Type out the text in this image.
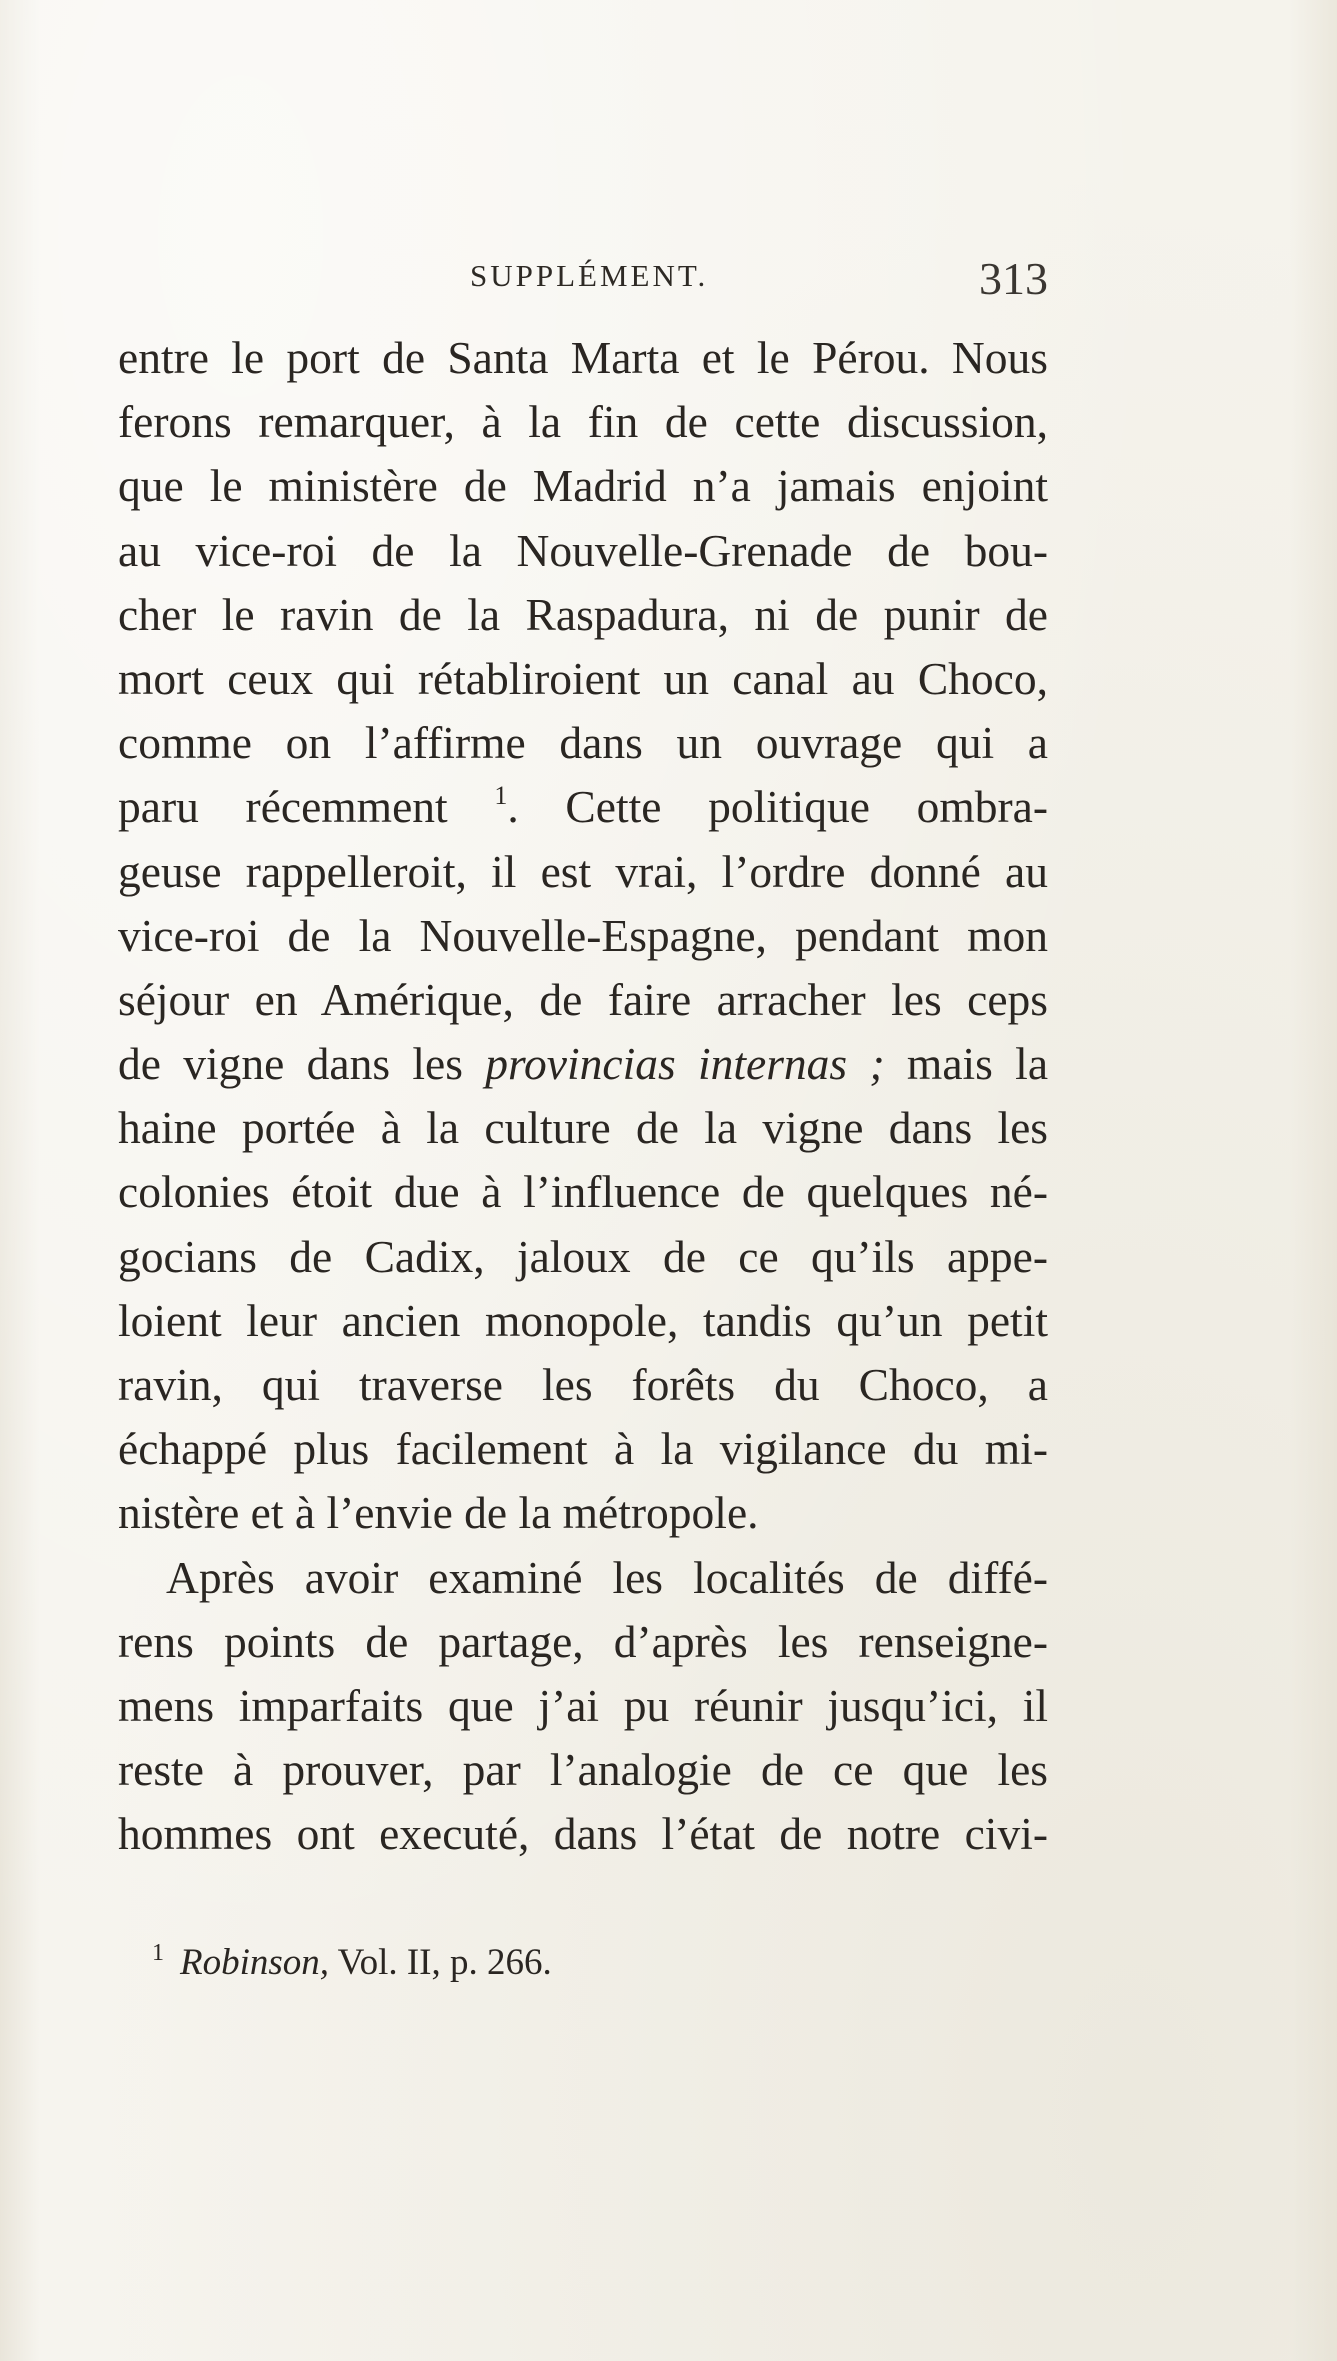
SUPPLÉMENT.	313
entre le port de Santa Marta et le Pérou. Nous
ferons remarquer, à la fin de cette discussion,
que le ministère de Madrid n’a jamais enjoint
au vice-roi de la Nouvelle-Grenade de bou-
cher le ravin de la Raspadura, ni de punir de
mort ceux qui rétabliroient un canal au Choco,
comme on l’affirme dans un ouvrage qui a
paru récemment $^1$. Cette politique ombra-
geuse rappelleroit, il est vrai, l’ordre donné au
vice-roi de la Nouvelle-Espagne, pendant mon
séjour en Amérique, de faire arracher les ceps
de vigne dans les provincias internas ; mais la
haine portée à la culture de la vigne dans les
colonies étoit due à l’influence de quelques né-
gocians de Cadix, jaloux de ce qu’ils appe-
loient leur ancien monopole, tandis qu’un petit
ravin, qui traverse les forêts du Choco, a
échappé plus facilement à la vigilance du mi-
nistère et à l’envie de la métropole.
Après avoir examiné les localités de diffé-
rens points de partage, d’après les renseigne-
mens imparfaits que j’ai pu réunir jusqu’ici, il
reste à prouver, par l’analogie de ce que les
hommes ont executé, dans l’état de notre civi-
$^1$ Robinson, Vol. II, p. 266.
